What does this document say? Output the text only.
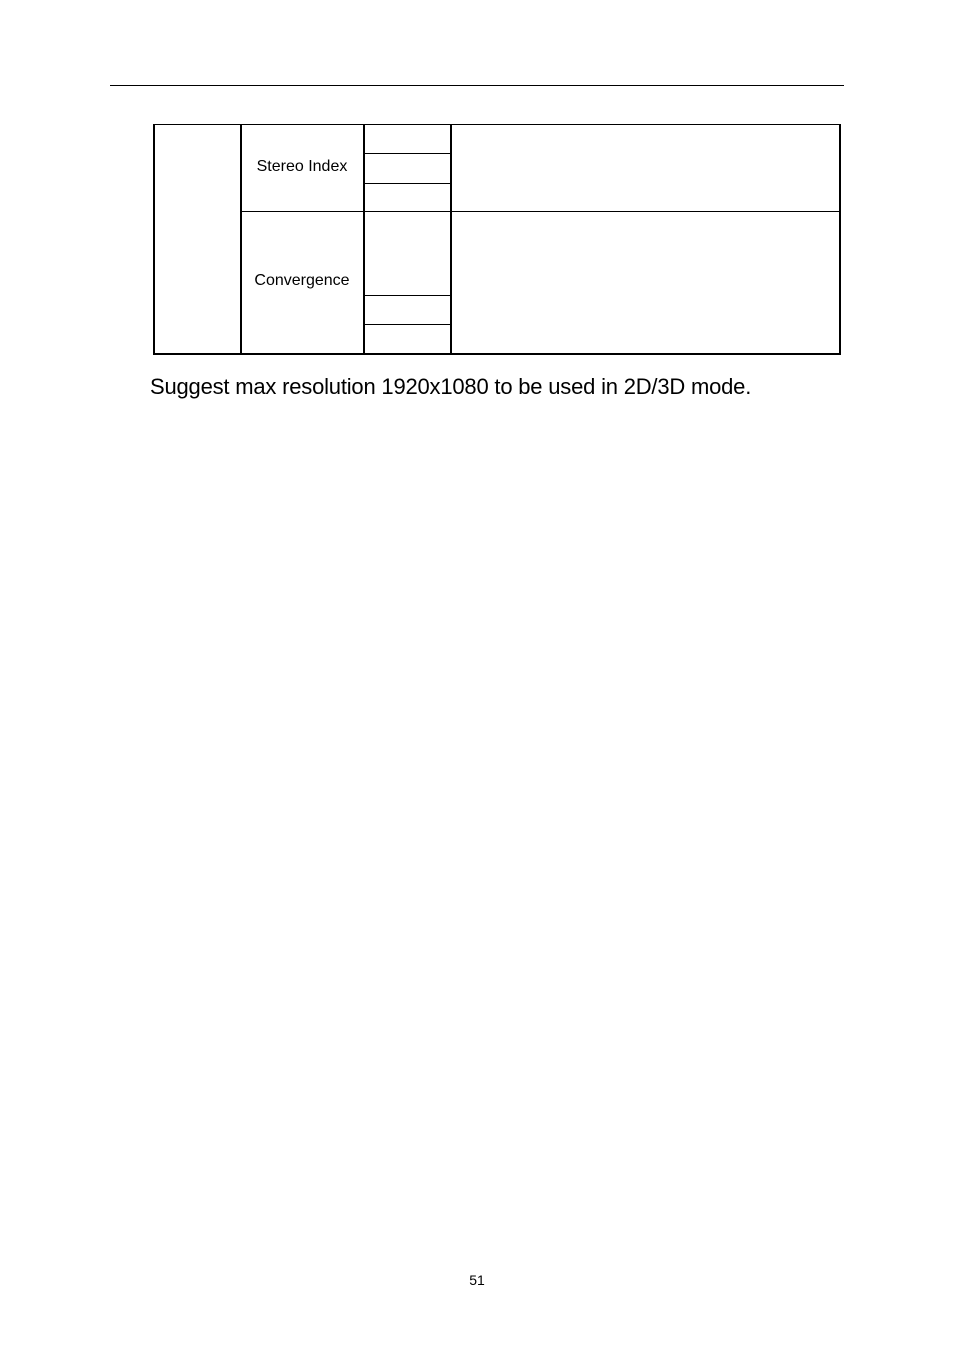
Stereo Index
Convergence
Suggest max resolution 1920x1080 to be used in 2D/3D mode.
51
